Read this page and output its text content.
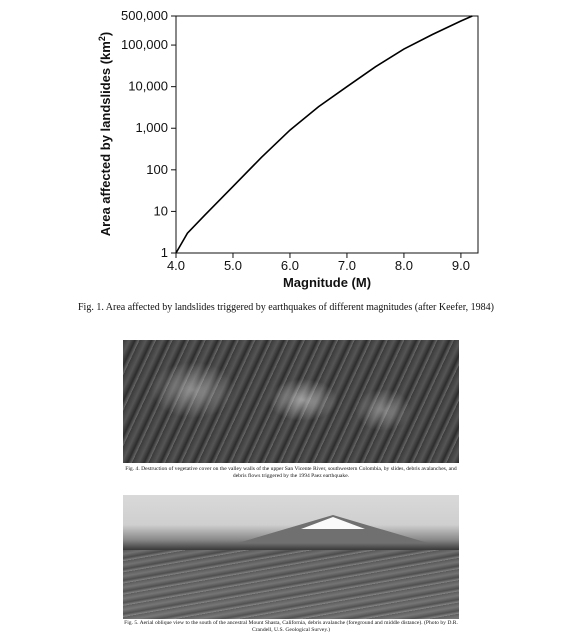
4.0	5.0	6.0	7.0	8.0	9.0
1
10
100
1,000
10,000
100,000
500,000
Magnitude (M)
Area affected by landslides $(km^2)$
Fig. 1. Area affected by landslides triggered by earthquakes of different magnitudes (after Keefer, 1984)
Fig. 4. Destruction of vegetative cover on the valley walls of the upper San Vicente River, southwestern Colombia, by slides, debris avalanches, and debris flows triggered by the 1994 Paez earthquake.
Fig. 5. Aerial oblique view to the south of the ancestral Mount Shasta, California, debris avalanche (foreground and middle distance). (Photo by D.R. Crandell, U.S. Geological Survey.)
